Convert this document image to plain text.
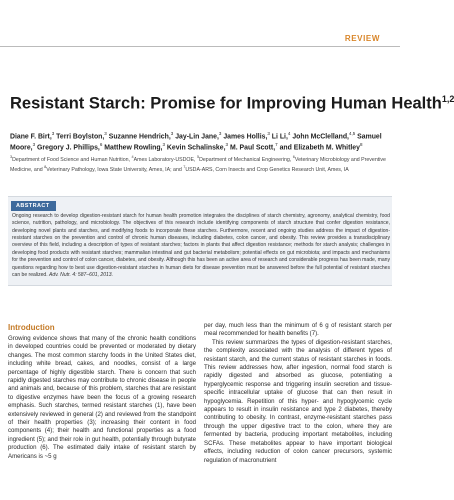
REVIEW
Resistant Starch: Promise for Improving Human Health$^{1,2}$
Diane F. Birt,$^3$ Terri Boylston,$^3$ Suzanne Hendrich,$^3$ Jay-Lin Jane,$^3$ James Hollis,$^3$ Li Li,$^4$ John McClelland,$^{4,5}$ Samuel Moore,$^3$ Gregory J. Phillips,$^6$ Matthew Rowling,$^3$ Kevin Schalinske,$^3$ M. Paul Scott,$^7$ and Elizabeth M. Whitley$^8$
$^3$Department of Food Science and Human Nutrition, $^4$Ames Laboratory-USDOE, $^5$Department of Mechanical Engineering, $^6$Veterinary Microbiology and Preventive Medicine, and $^8$Veterinary Pathology, Iowa State University, Ames, IA; and $^7$USDA-ARS, Corn Insects and Crop Genetics Research Unit, Ames, IA
ABSTRACT

Ongoing research to develop digestion-resistant starch for human health promotion integrates the disciplines of starch chemistry, agronomy, analytical chemistry, food science, nutrition, pathology, and microbiology. The objectives of this research include identifying components of starch structure that confer digestion resistance, developing novel plants and starches, and modifying foods to incorporate these starches. Furthermore, recent and ongoing studies address the impact of digestion-resistant starches on the prevention and control of chronic human diseases, including diabetes, colon cancer, and obesity. This review provides a transdisciplinary overview of this field, including a description of types of resistant starches; factors in plants that affect digestion resistance; methods for starch analysis; challenges in developing food products with resistant starches; mammalian intestinal and gut bacterial metabolism; potential effects on gut microbiota; and impacts and mechanisms for the prevention and control of colon cancer, diabetes, and obesity. Although this has been an active area of research and considerable progress has been made, many questions regarding how to best use digestion-resistant starches in human diets for disease prevention must be answered before the full potential of resistant starches can be realized. Adv. Nutr. 4: 587–601, 2013.

Introduction

Growing evidence shows that many of the chronic health conditions in developed countries could be prevented or moderated by dietary changes. The most common starchy foods in the United States diet, including white bread, cakes, and noodles, consist of a large percentage of highly digestible starch. There is concern that such rapidly digested starches may contribute to chronic disease in people and animals and, because of this problem, starches that are resistant to digestive enzymes have been the focus of a growing research emphasis. Such starches, termed resistant starches (1), have been extensively reviewed in general (2) and reviewed from the standpoint of their health properties (3); increasing their content in food components (4); their health and functional properties as a food ingredient (5); and their role in gut health, potentially through butyrate production (6). The estimated daily intake of resistant starch by Americans is ~5 g

per day, much less than the minimum of 6 g of resistant starch per meal recommended for health benefits (7).

This review summarizes the types of digestion-resistant starches, the complexity associated with the analysis of different types of resistant starch, and the current status of resistant starches in foods. This review addresses how, after ingestion, normal food starch is rapidly digested and absorbed as glucose, potentiating a hyperglycemic response and triggering insulin secretion and tissue-specific intracellular uptake of glucose that can then result in hypoglycemia. Repetition of this hyper- and hypoglycemic cycle appears to result in insulin resistance and type 2 diabetes, thereby contributing to obesity. In contrast, enzyme-resistant starches pass through the upper digestive tract to the colon, where they are fermented by bacteria, producing important metabolites, including SCFAs. These metabolites appear to have important biological effects, including reduction of colon cancer precursors, systemic regulation of macronutrient
